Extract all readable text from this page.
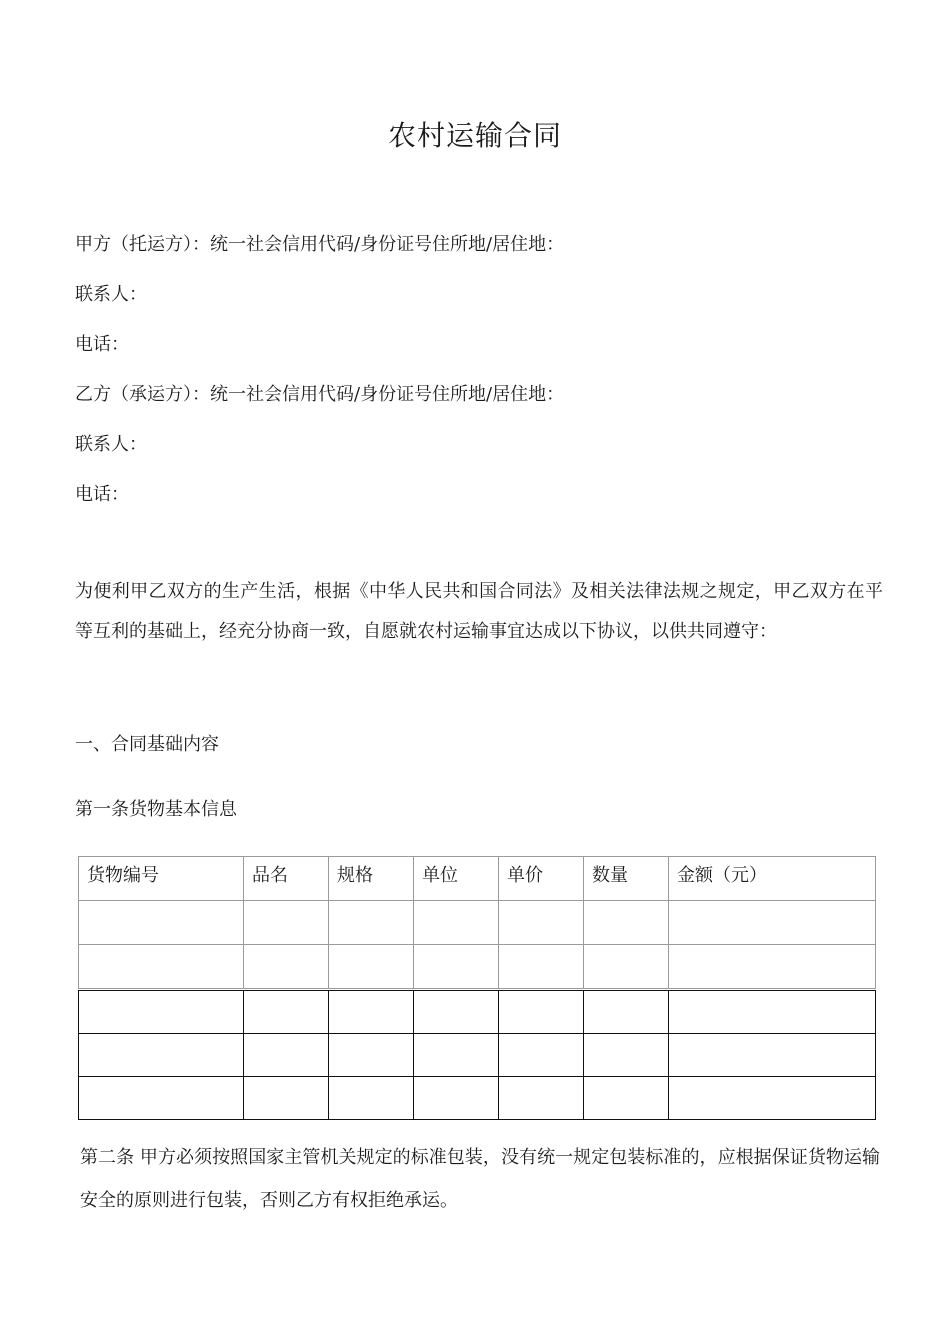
农村运输合同
甲方（托运方）：统一社会信用代码/身份证号住所地/居住地：
联系人：
电话：
乙方（承运方）：统一社会信用代码/身份证号住所地/居住地：
联系人：
电话：
为便利甲乙双方的生产生活，根据《中华人民共和国合同法》及相关法律法规之规定，甲乙双方在平等互利的基础上，经充分协商一致，自愿就农村运输事宜达成以下协议，以供共同遵守：
一、合同基础内容
第一条货物基本信息
货物编号	品名	规格	单位	单价	数量	金额（元）

第二条 甲方必须按照国家主管机关规定的标准包装，没有统一规定包装标准的，应根据保证货物运输安全的原则进行包装，否则乙方有权拒绝承运。
